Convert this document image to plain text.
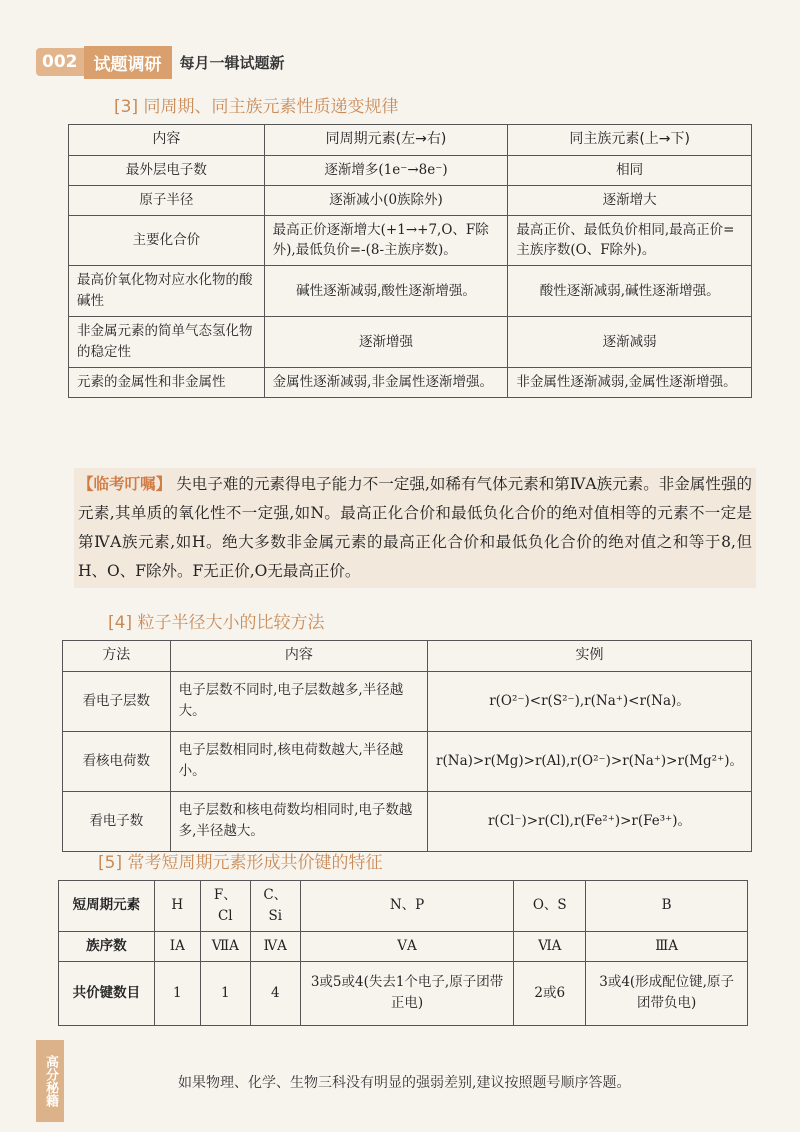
002 试题调研	每月一辑试题新
[3] 同周期、同主族元素性质递变规律
内容	同周期元素(左→右)	同主族元素(上→下)
最外层电子数	逐渐增多(1e⁻→8e⁻)	相同
原子半径	逐渐减小(0族除外)	逐渐增大
主要化合价	最高正价逐渐增大(+1→+7,O、F除外),最低负价=-(8-主族序数)。	最高正价、最低负价相同,最高正价=主族序数(O、F除外)。
最高价氧化物对应水化物的酸碱性	碱性逐渐减弱,酸性逐渐增强。	酸性逐渐减弱,碱性逐渐增强。
非金属元素的简单气态氢化物的稳定性	逐渐增强	逐渐减弱
元素的金属性和非金属性	金属性逐渐减弱,非金属性逐渐增强。	非金属性逐渐减弱,金属性逐渐增强。
【临考叮嘱】 失电子难的元素得电子能力不一定强,如稀有气体元素和第ⅣA族元素。非金属性强的元素,其单质的氧化性不一定强,如N。最高正化合价和最低负化合价的绝对值相等的元素不一定是第ⅣA族元素,如H。绝大多数非金属元素的最高正化合价和最低负化合价的绝对值之和等于8,但H、O、F除外。F无正价,O无最高正价。
[4] 粒子半径大小的比较方法
方法	内容	实例
看电子层数	电子层数不同时,电子层数越多,半径越大。	r(O²⁻)<r(S²⁻),r(Na⁺)<r(Na)。
看核电荷数	电子层数相同时,核电荷数越大,半径越小。	r(Na)>r(Mg)>r(Al),r(O²⁻)>r(Na⁺)>r(Mg²⁺)。
看电子数	电子层数和核电荷数均相同时,电子数越多,半径越大。	r(Cl⁻)>r(Cl),r(Fe²⁺)>r(Fe³⁺)。
[5] 常考短周期元素形成共价键的特征
短周期元素	H	F、Cl	C、Si	N、P	O、S	B
族序数	ⅠA	ⅦA	ⅣA	ⅤA	ⅥA	ⅢA
共价键数目	1	1	4	3或5或4(失去1个电子,原子团带正电)	2或6	3或4(形成配位键,原子团带负电)
高分秘籍	如果物理、化学、生物三科没有明显的强弱差别,建议按照题号顺序答题。
